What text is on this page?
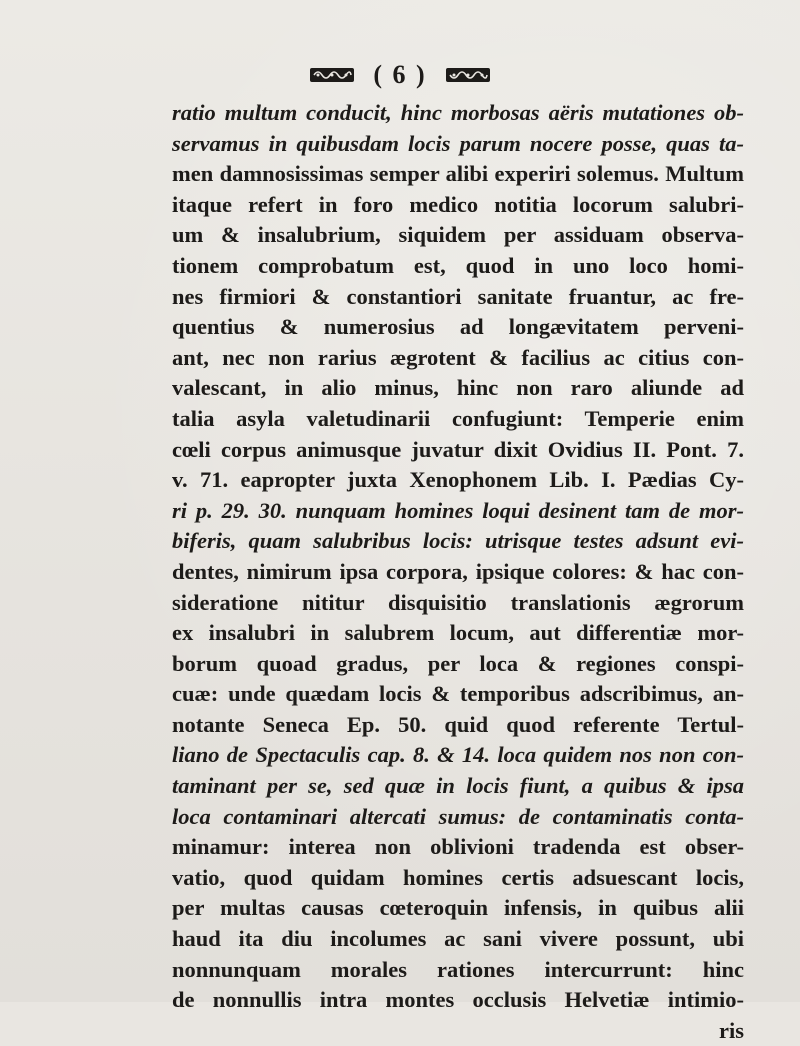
( 6 )
ratio multum conducit, hinc morbosas aëris mutationes ob-
servamus in quibusdam locis parum nocere posse, quas ta-
men damnosissimas semper alibi experiri solemus. Multum
itaque refert in foro medico notitia locorum salubri-
um & insalubrium, siquidem per assiduam observa-
tionem comprobatum est, quod in uno loco homi-
nes firmiori & constantiori sanitate fruantur, ac fre-
quentius & numerosius ad longævitatem perveni-
ant, nec non rarius ægrotent & facilius ac citius con-
valescant, in alio minus, hinc non raro aliunde ad
talia asyla valetudinarii confugiunt: Temperie enim
cœli corpus animusque juvatur dixit Ovidius II. Pont. 7.
v. 71. eapropter juxta Xenophonem Lib. I. Pædias Cy-
ri p. 29. 30. nunquam homines loqui desinent tam de mor-
biferis, quam salubribus locis: utrisque testes adsunt evi-
dentes, nimirum ipsa corpora, ipsique colores: & hac con-
sideratione nititur disquisitio translationis ægrorum
ex insalubri in salubrem locum, aut differentiæ mor-
borum quoad gradus, per loca & regiones conspi-
cuæ: unde quædam locis & temporibus adscribimus, an-
notante Seneca Ep. 50. quid quod referente Tertul-
liano de Spectaculis cap. 8. & 14. loca quidem nos non con-
taminant per se, sed quæ in locis fiunt, a quibus & ipsa
loca contaminari altercati sumus: de contaminatis conta-
minamur: interea non oblivioni tradenda est obser-
vatio, quod quidam homines certis adsuescant locis,
per multas causas cœteroquin infensis, in quibus alii
haud ita diu incolumes ac sani vivere possunt, ubi
nonnunquam morales rationes intercurrunt: hinc
de nonnullis intra montes occlusis Helvetiæ intimio-
ris
